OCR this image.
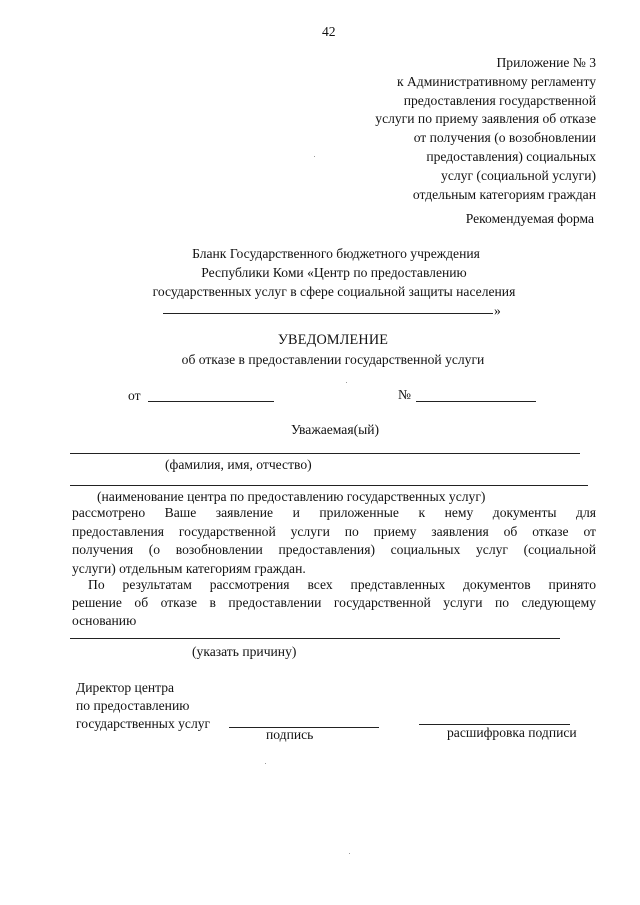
42
Приложение № 3
к Административному регламенту
предоставления государственной
услуги по приему заявления об отказе
от получения (о возобновлении
предоставления) социальных
услуг (социальной услуги)
отдельным категориям граждан
Рекомендуемая форма
Бланк Государственного бюджетного учреждения
Республики Коми «Центр по предоставлению
государственных услуг в сфере социальной защиты населения
»
УВЕДОМЛЕНИЕ
об отказе в предоставлении государственной услуги
от	№
Уважаемая(ый)
(фамилия, имя, отчество)
(наименование центра по предоставлению государственных услуг)
рассмотрено Ваше заявление и приложенные к нему документы для
предоставления государственной услуги по приему заявления об отказе от
получения (о возобновлении предоставления) социальных услуг (социальной
услуги) отдельным категориям граждан.
По результатам рассмотрения всех представленных документов принято
решение об отказе в предоставлении государственной услуги по следующему
основанию
(указать причину)
Директор центра
по предоставлению
государственных услуг
подпись	расшифровка подписи
